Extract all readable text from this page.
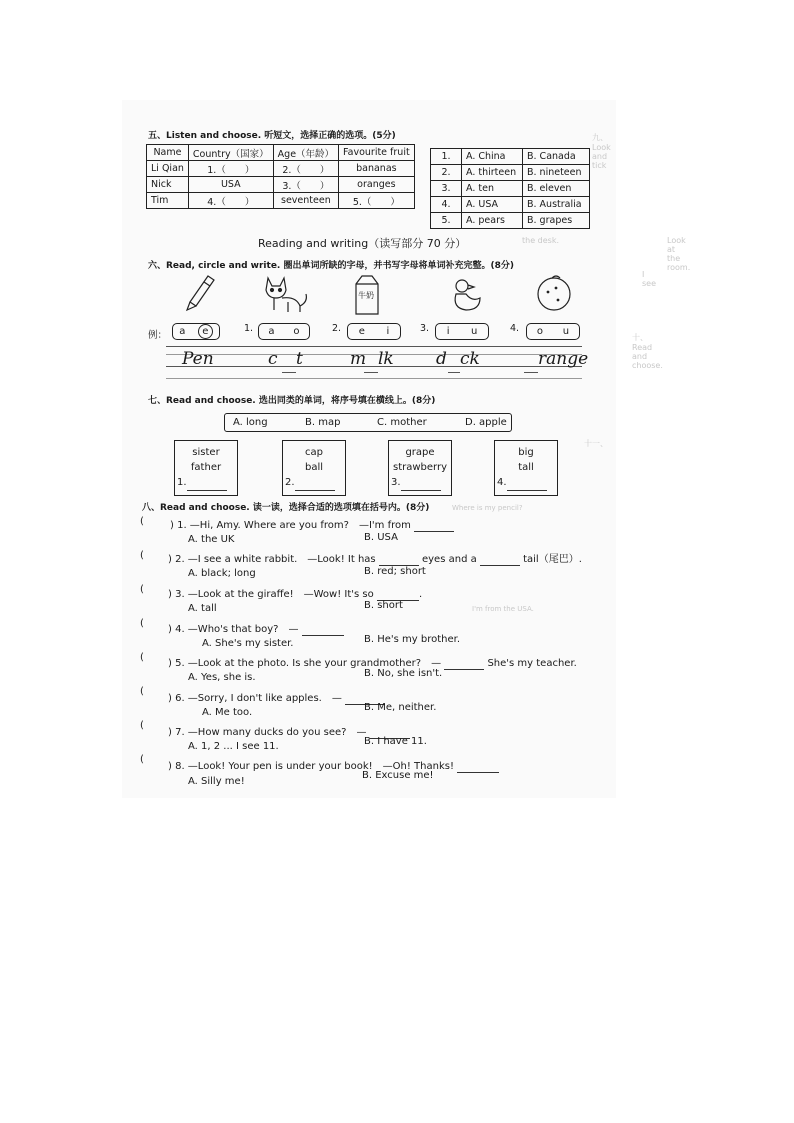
九、Look and tick
Look at the room.
the desk.
I see
十、Read and choose.
十一、
Where is my pencil?
I'm from the USA.
五、Listen and choose. 听短文，选择正确的选项。(5分)
Name	Country（国家）	Age（年龄）	Favourite fruit
Li Qian	1.（　　）	2.（　　）	bananas
Nick	USA	3.（　　）	oranges
Tim	4.（　　）	seventeen	5.（　　）
1.	A. China	B. Canada
2.	A. thirteen	B. nineteen
3.	A. ten	B. eleven
4.	A. USA	B. Australia
5.	A. pears	B. grapes
Reading and writing（读写部分 70 分）
六、Read, circle and write. 圈出单词所缺的字母，并书写字母将单词补充完整。(8分)
牛奶
例： a	e	1. a o	2. e i	3. i u	4. o u
Pen	c t	m lk d ck	range
七、Read and choose. 选出同类的单词，将序号填在横线上。(8分)
A. long	B. map	C. mother	D. apple
sister
father
1.
cap
ball
2.
grape
strawberry
3.
big
tall
4.
八、Read and choose. 读一读，选择合适的选项填在括号内。(8分)
(	) 1. —Hi, Amy. Where are you from?　—I'm from
A. the UK	B. USA
( ) 2. —I see a white rabbit.　—Look! It has	eyes and a	tail（尾巴）.
A. black; long	B. red; short
( ) 3. —Look at the giraffe!　—Wow! It's so	.
A. tall	B. short
(
) 4. —Who's that boy?　—
A. She's my sister.	B. He's my brother.
(
) 5. —Look at the photo. Is she your grandmother?　—	She's my teacher.
A. Yes, she is.	B. No, she isn't.
(
) 6. —Sorry, I don't like apples.　—
A. Me too.	B. Me, neither.
(
) 7. —How many ducks do you see?　—
A. 1, 2 ... I see 11.	B. I have 11.
(
) 8. —Look! Your pen is under your book!　—Oh! Thanks!
A. Silly me!
B. Excuse me!
